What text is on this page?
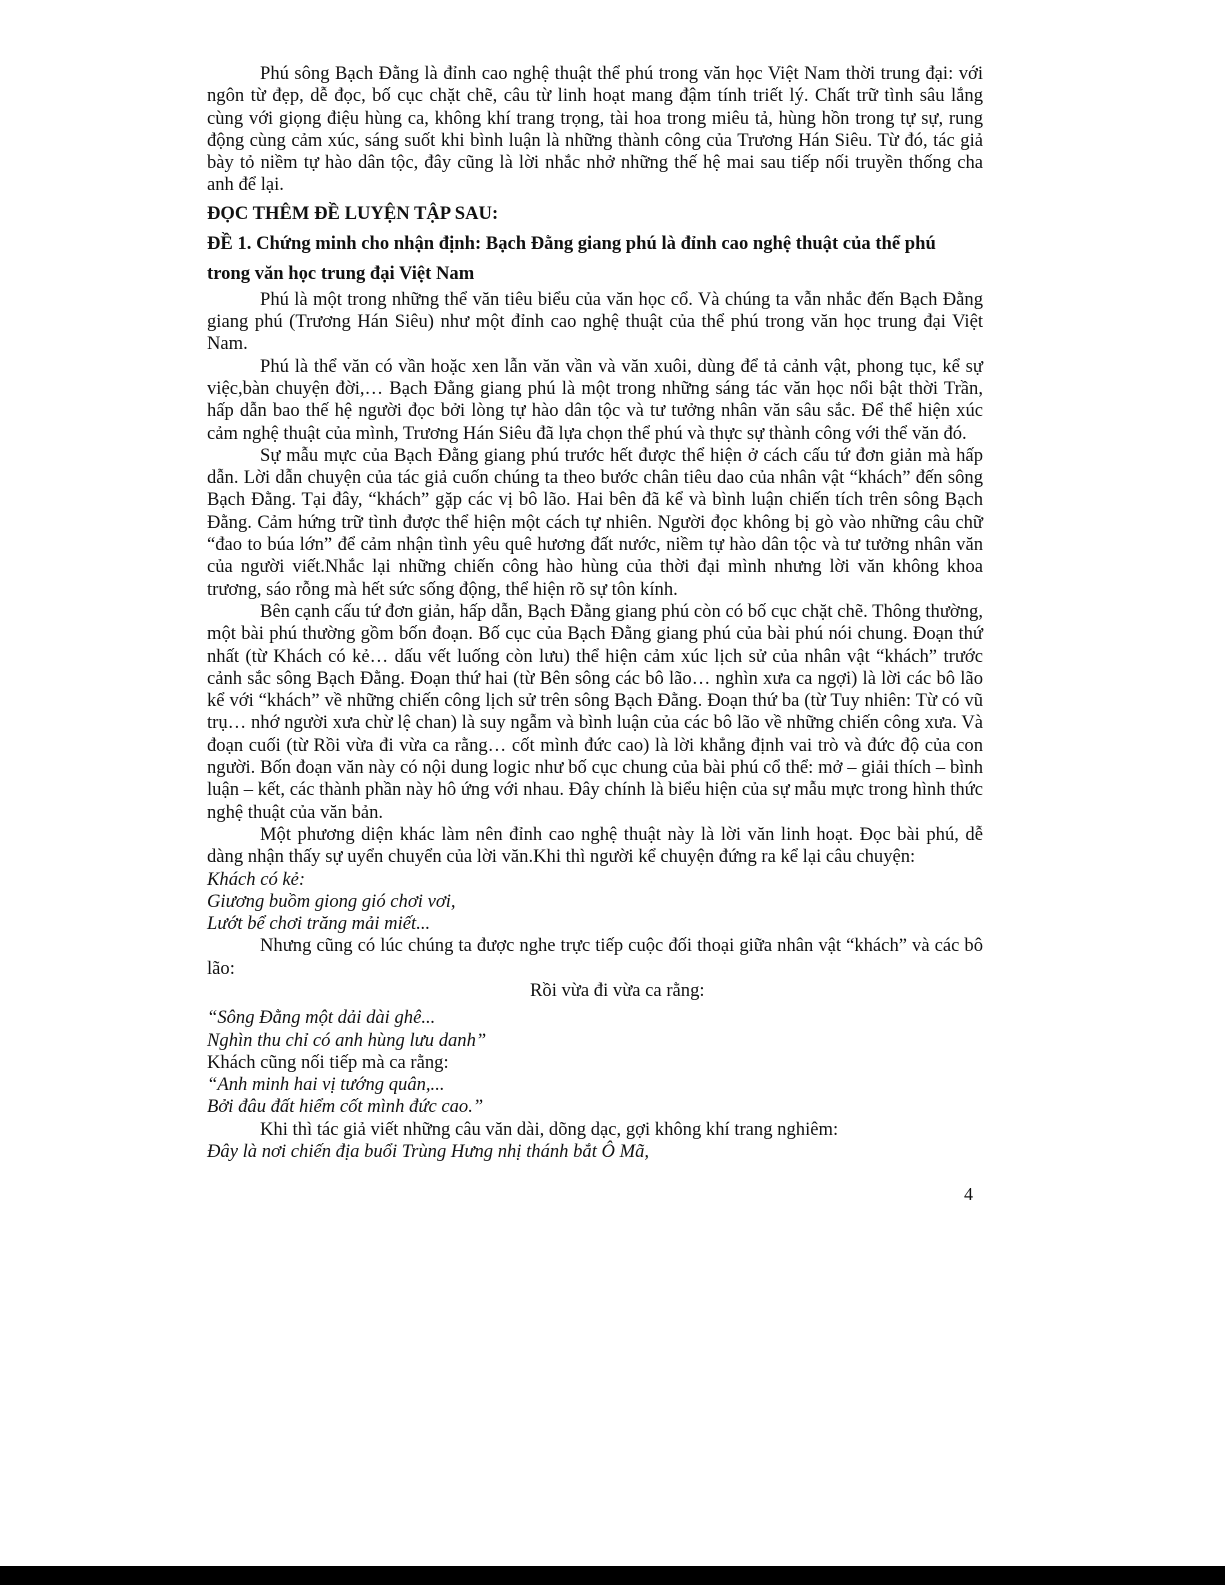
Phú sông Bạch Đằng là đỉnh cao nghệ thuật thể phú trong văn học Việt Nam thời trung đại: với ngôn từ đẹp, dễ đọc, bố cục chặt chẽ, câu từ linh hoạt mang đậm tính triết lý. Chất trữ tình sâu lắng cùng với giọng điệu hùng ca, không khí trang trọng, tài hoa trong miêu tả, hùng hồn trong tự sự, rung động cùng cảm xúc, sáng suốt khi bình luận là những thành công của Trương Hán Siêu. Từ đó, tác giả bày tỏ niềm tự hào dân tộc, đây cũng là lời nhắc nhở những thế hệ mai sau tiếp nối truyền thống cha anh để lại.

ĐỌC THÊM ĐỀ LUYỆN TẬP SAU:

ĐỀ 1. Chứng minh cho nhận định: Bạch Đằng giang phú là đỉnh cao nghệ thuật của thể phú trong văn học trung đại Việt Nam

Phú là một trong những thể văn tiêu biểu của văn học cổ. Và chúng ta vẫn nhắc đến Bạch Đằng giang phú (Trương Hán Siêu) như một đỉnh cao nghệ thuật của thể phú trong văn học trung đại Việt Nam.

Phú là thể văn có vần hoặc xen lẫn văn vần và văn xuôi, dùng để tả cảnh vật, phong tục, kể sự việc,bàn chuyện đời,… Bạch Đằng giang phú là một trong những sáng tác văn học nổi bật thời Trần, hấp dẫn bao thế hệ người đọc bởi lòng tự hào dân tộc và tư tưởng nhân văn sâu sắc. Để thể hiện xúc cảm nghệ thuật của mình, Trương Hán Siêu đã lựa chọn thể phú và thực sự thành công với thể văn đó.

Sự mẫu mực của Bạch Đằng giang phú trước hết được thể hiện ở cách cấu tứ đơn giản mà hấp dẫn. Lời dẫn chuyện của tác giả cuốn chúng ta theo bước chân tiêu dao của nhân vật “khách” đến sông Bạch Đằng. Tại đây, “khách” gặp các vị bô lão. Hai bên đã kể và bình luận chiến tích trên sông Bạch Đằng. Cảm hứng trữ tình được thể hiện một cách tự nhiên. Người đọc không bị gò vào những câu chữ “đao to búa lớn” để cảm nhận tình yêu quê hương đất nước, niềm tự hào dân tộc và tư tưởng nhân văn của người viết.Nhắc lại những chiến công hào hùng của thời đại mình nhưng lời văn không khoa trương, sáo rỗng mà hết sức sống động, thể hiện rõ sự tôn kính.

Bên cạnh cấu tứ đơn giản, hấp dẫn, Bạch Đằng giang phú còn có bố cục chặt chẽ. Thông thường, một bài phú thường gồm bốn đoạn. Bố cục của Bạch Đằng giang phú của bài phú nói chung. Đoạn thứ nhất (từ Khách có kẻ… dấu vết luống còn lưu) thể hiện cảm xúc lịch sử của nhân vật “khách” trước cảnh sắc sông Bạch Đằng. Đoạn thứ hai (từ Bên sông các bô lão… nghìn xưa ca ngợi) là lời các bô lão kể với “khách” về những chiến công lịch sử trên sông Bạch Đằng. Đoạn thứ ba (từ Tuy nhiên: Từ có vũ trụ… nhớ người xưa chừ lệ chan) là suy ngẫm và bình luận của các bô lão về những chiến công xưa. Và đoạn cuối (từ Rồi vừa đi vừa ca rằng… cốt mình đức cao) là lời khẳng định vai trò và đức độ của con người. Bốn đoạn văn này có nội dung logic như bố cục chung của bài phú cổ thể: mở – giải thích – bình luận – kết, các thành phần này hô ứng với nhau. Đây chính là biểu hiện của sự mẫu mực trong hình thức nghệ thuật của văn bản.

Một phương diện khác làm nên đỉnh cao nghệ thuật này là lời văn linh hoạt. Đọc bài phú, dễ dàng nhận thấy sự uyển chuyển của lời văn.Khi thì người kể chuyện đứng ra kể lại câu chuyện:

Khách có kẻ:

Giương buồm giong gió chơi vơi,

Lướt bể chơi trăng mải miết...

Nhưng cũng có lúc chúng ta được nghe trực tiếp cuộc đối thoại giữa nhân vật “khách” và các bô lão:

Rồi vừa đi vừa ca rằng:

“Sông Đằng một dải dài ghê...

Nghìn thu chỉ có anh hùng lưu danh”

Khách cũng nối tiếp mà ca rằng:

“Anh minh hai vị tướng quân,...

Bởi đâu đất hiểm cốt mình đức cao.”

Khi thì tác giả viết những câu văn dài, dõng dạc, gợi không khí trang nghiêm:

Đây là nơi chiến địa buổi Trùng Hưng nhị thánh bắt Ô Mã,

4
